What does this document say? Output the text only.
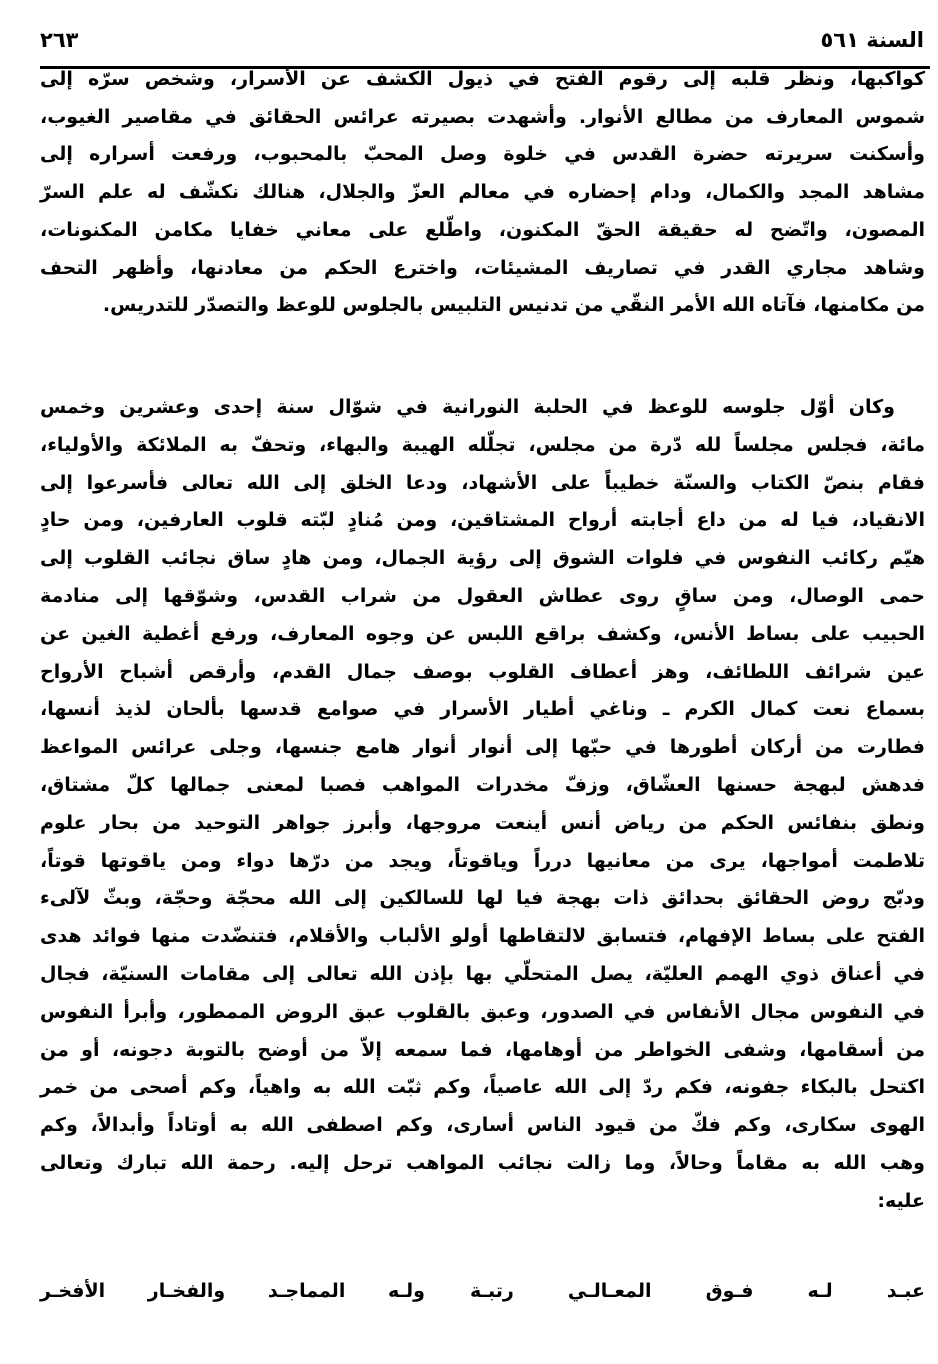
السنة ٥٦١
٢٦٣
كواكبها، ونظر قلبه إلى رقوم الفتح في ذيول الكشف عن الأسرار، وشخص سرّه إلى
شموس المعارف من مطالع الأنوار. وأشهدت بصيرته عرائس الحقائق في مقاصير الغيوب،
وأسكنت سريرته حضرة القدس في خلوة وصل المحبّ بالمحبوب، ورفعت أسراره إلى
مشاهد المجد والكمال، ودام إحضاره في معالم العزّ والجلال، هنالك نكشّف له علم السرّ
المصون، واتّضح له حقيقة الحقّ المكنون، واطّلع على معاني خفايا مكامن المكنونات،
وشاهد مجاري القدر في تصاريف المشيئات، واخترع الحكم من معادنها، وأظهر التحف
من مكامنها، فآتاه الله الأمر النقّي من تدنيس التلبيس بالجلوس للوعظ والتصدّر للتدريس.
وكان أوّل جلوسه للوعظ في الحلبة النورانية في شوّال سنة إحدى وعشرين وخمس
مائة، فجلس مجلساً لله دّرة من مجلس، تجلّله الهيبة والبهاء، وتحفّ به الملائكة والأولياء،
فقام بنصّ الكتاب والسنّة خطيباً على الأشهاد، ودعا الخلق إلى الله تعالى فأسرعوا إلى
الانقياد، فيا له من داع أجابته أرواح المشتاقين، ومن مُنادٍ لبّته قلوب العارفين، ومن حادٍ
هيّم ركائب النفوس في فلوات الشوق إلى رؤية الجمال، ومن هادٍ ساق نجائب القلوب إلى
حمى الوصال، ومن ساقٍ روى عطاش العقول من شراب القدس، وشوّقها إلى منادمة
الحبيب على بساط الأنس، وكشف براقع اللبس عن وجوه المعارف، ورفع أغطية الغين عن
عين شرائف اللطائف، وهز أعطاف القلوب بوصف جمال القدم، وأرقص أشباح الأرواح
بسماع نعت كمال الكرم ـ وناغي أطيار الأسرار في صوامع قدسها بألحان لذيذ أنسها،
فطارت من أركان أطورها في حبّها إلى أنوار أنوار هامع جنسها، وجلى عرائس المواعظ
فدهش لبهجة حسنها العشّاق، وزفّ مخدرات المواهب فصبا لمعنى جمالها كلّ مشتاق،
ونطق بنفائس الحكم من رياض أنس أينعت مروجها، وأبرز جواهر التوحيد من بحار علوم
تلاطمت أمواجها، يرى من معانيها درراً وياقوتاً، ويجد من درّها دواء ومن ياقوتها قوتاً،
ودبّج روض الحقائق بحدائق ذات بهجة فيا لها للسالكين إلى الله محجّة وحجّة، وبثّ لآلىء
الفتح على بساط الإفهام، فتسابق لالتقاطها أولو الألباب والأقلام، فتنضّدت منها فوائد هدى
في أعناق ذوي الهمم العليّة، يصل المتحلّي بها بإذن الله تعالى إلى مقامات السنيّة، فجال
في النفوس مجال الأنفاس في الصدور، وعبق بالقلوب عبق الروض الممطور، وأبرأ النفوس
من أسقامها، وشفى الخواطر من أوهامها، فما سمعه إلاّ من أوضح بالتوبة دجونه، أو من
اكتحل بالبكاء جفونه، فكم ردّ إلى الله عاصياً، وكم ثبّت الله به واهياً، وكم أصحى من خمر
الهوى سكارى، وكم فكّ من قيود الناس أسارى، وكم اصطفى الله به أوتاداً وأبدالاً، وكم
وهب الله به مقاماً وحالاً، وما زالت نجائب المواهب ترحل إليه. رحمة الله تبارك وتعالى
عليه:
عبـد لـه فـوق المعـالـي رتبـة
ولـه المماجـد والفخـار الأفخـر
